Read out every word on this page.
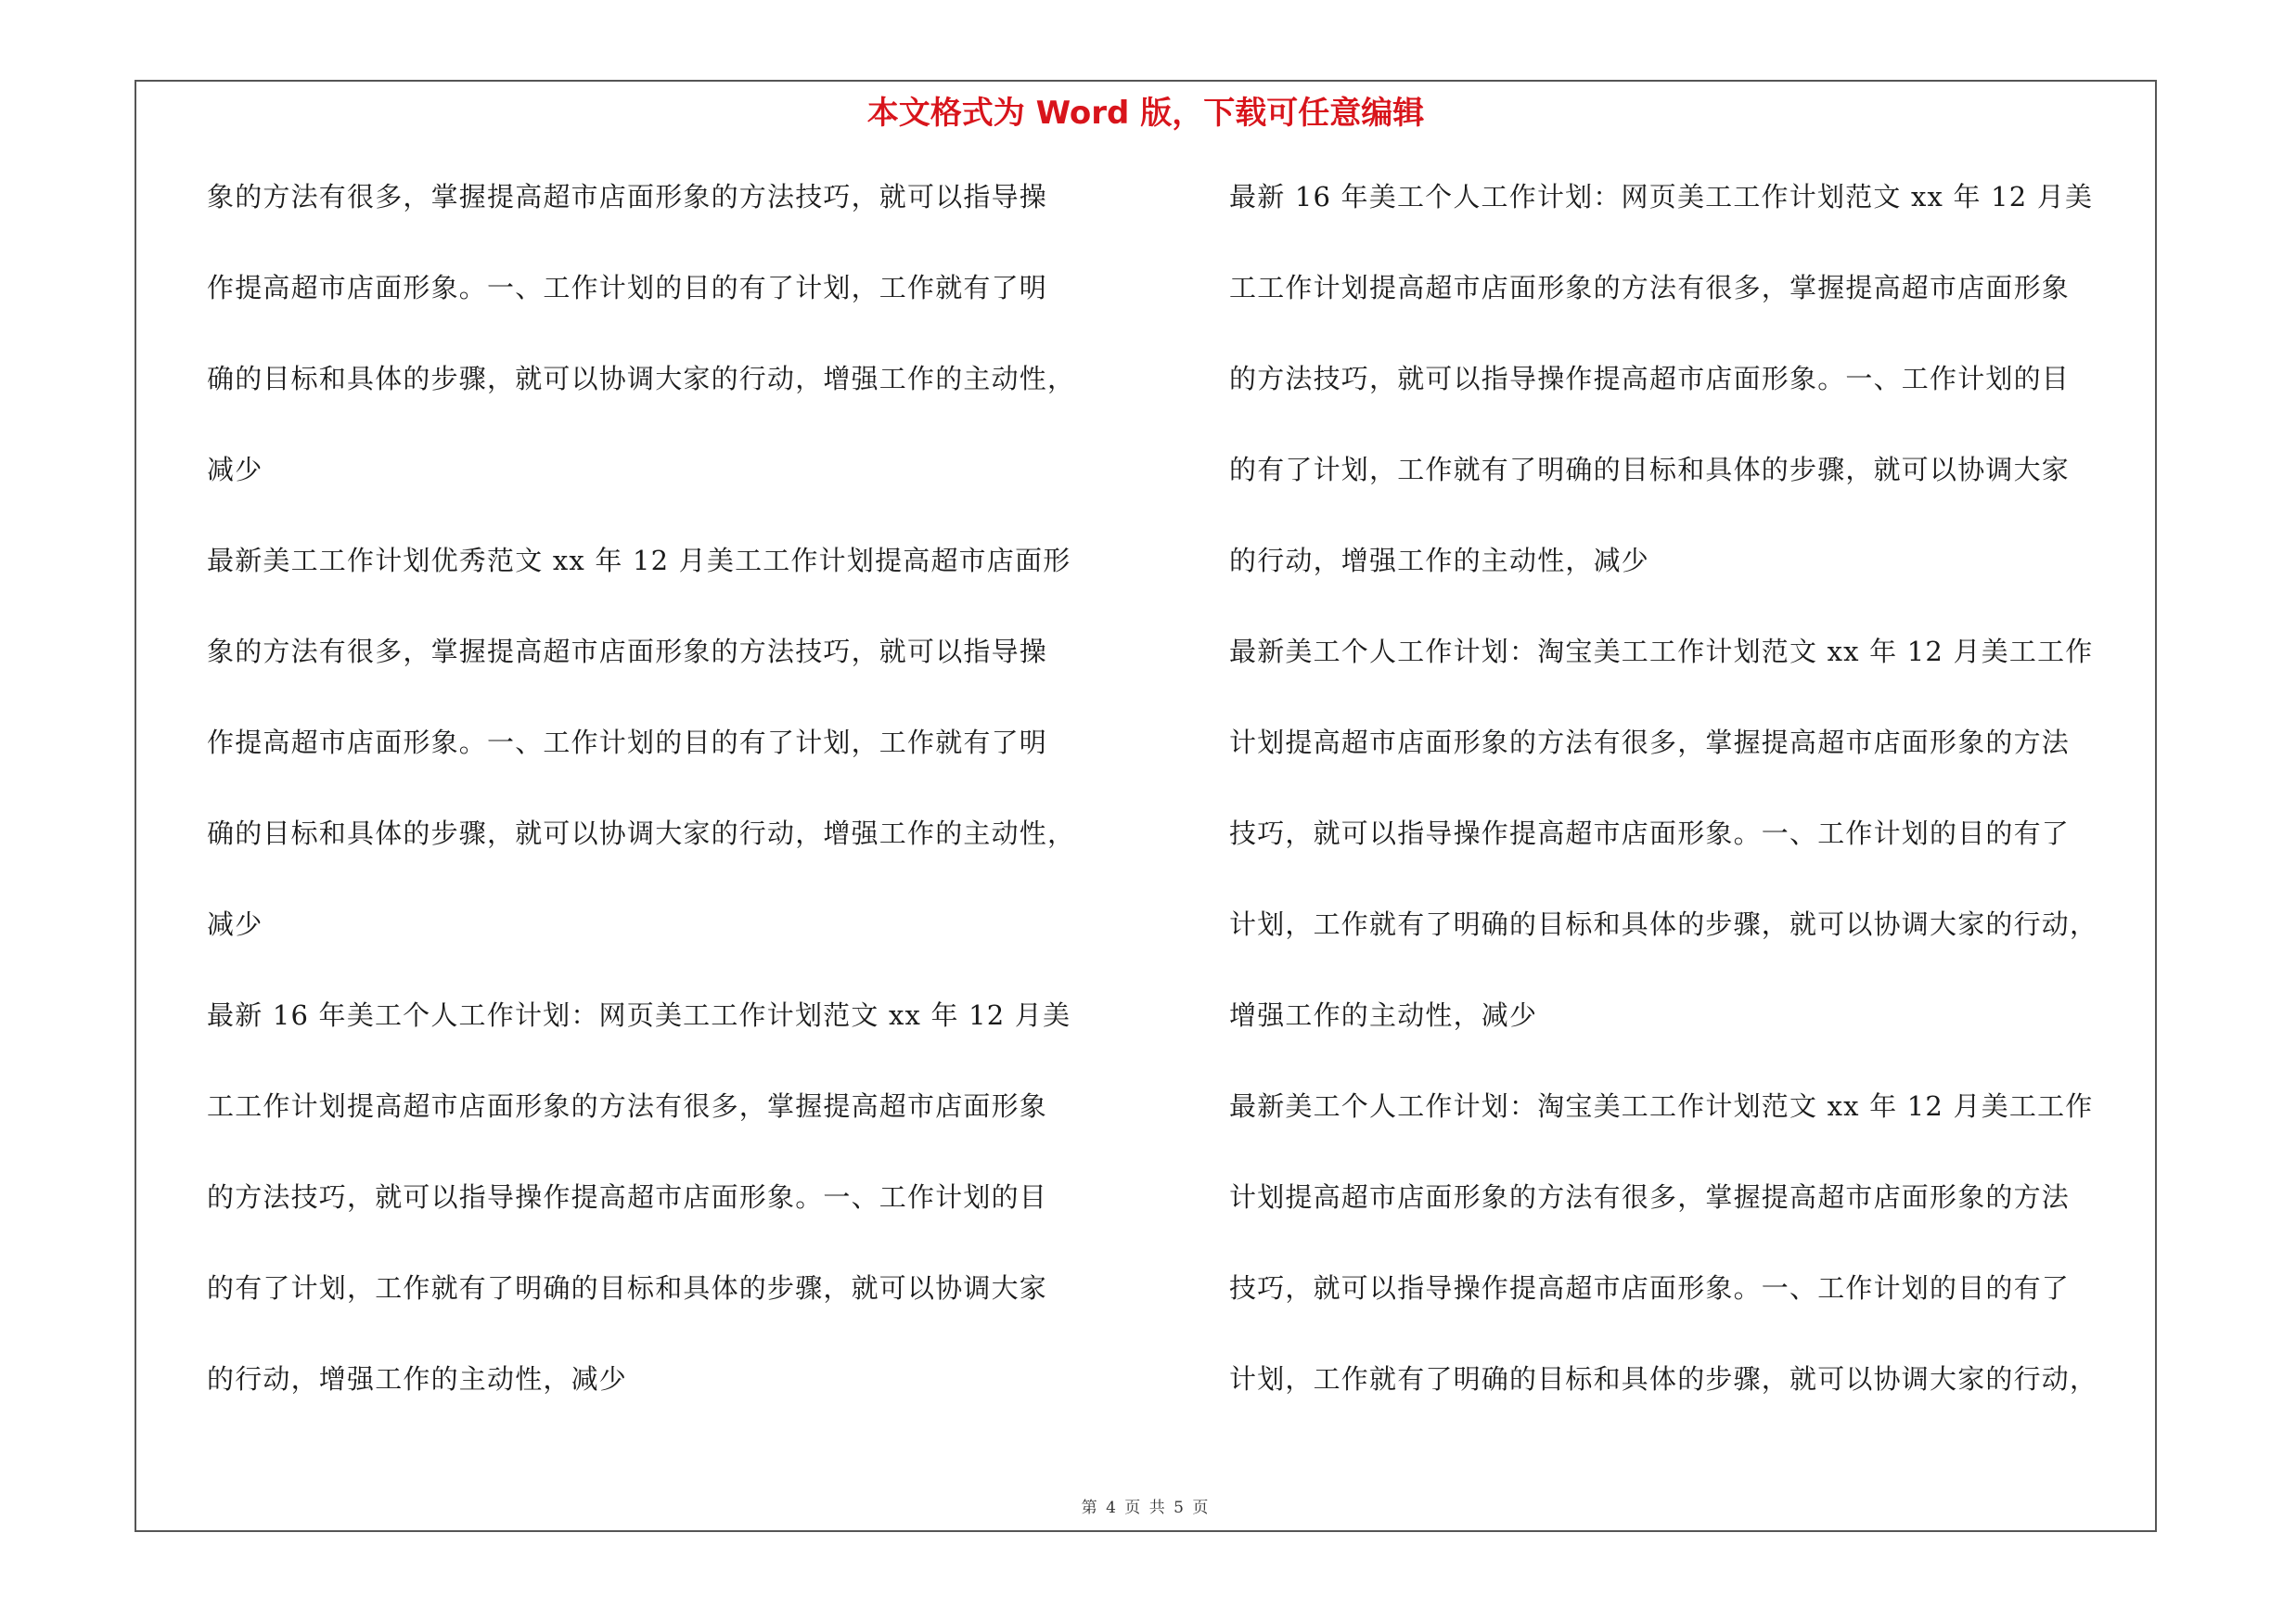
本文格式为 Word 版，下载可任意编辑
象的方法有很多，掌握提高超市店面形象的方法技巧，就可以指导操
作提高超市店面形象。一、工作计划的目的有了计划，工作就有了明
确的目标和具体的步骤，就可以协调大家的行动，增强工作的主动性，
减少
最新美工工作计划优秀范文 xx 年 12 月美工工作计划提高超市店面形
象的方法有很多，掌握提高超市店面形象的方法技巧，就可以指导操
作提高超市店面形象。一、工作计划的目的有了计划，工作就有了明
确的目标和具体的步骤，就可以协调大家的行动，增强工作的主动性，
减少
最新 16 年美工个人工作计划：网页美工工作计划范文 xx 年 12 月美
工工作计划提高超市店面形象的方法有很多，掌握提高超市店面形象
的方法技巧，就可以指导操作提高超市店面形象。一、工作计划的目
的有了计划，工作就有了明确的目标和具体的步骤，就可以协调大家
的行动，增强工作的主动性，减少
最新 16 年美工个人工作计划：网页美工工作计划范文 xx 年 12 月美
工工作计划提高超市店面形象的方法有很多，掌握提高超市店面形象
的方法技巧，就可以指导操作提高超市店面形象。一、工作计划的目
的有了计划，工作就有了明确的目标和具体的步骤，就可以协调大家
的行动，增强工作的主动性，减少
最新美工个人工作计划：淘宝美工工作计划范文 xx 年 12 月美工工作
计划提高超市店面形象的方法有很多，掌握提高超市店面形象的方法
技巧，就可以指导操作提高超市店面形象。一、工作计划的目的有了
计划，工作就有了明确的目标和具体的步骤，就可以协调大家的行动，
增强工作的主动性，减少
最新美工个人工作计划：淘宝美工工作计划范文 xx 年 12 月美工工作
计划提高超市店面形象的方法有很多，掌握提高超市店面形象的方法
技巧，就可以指导操作提高超市店面形象。一、工作计划的目的有了
计划，工作就有了明确的目标和具体的步骤，就可以协调大家的行动，
第 4 页 共 5 页
